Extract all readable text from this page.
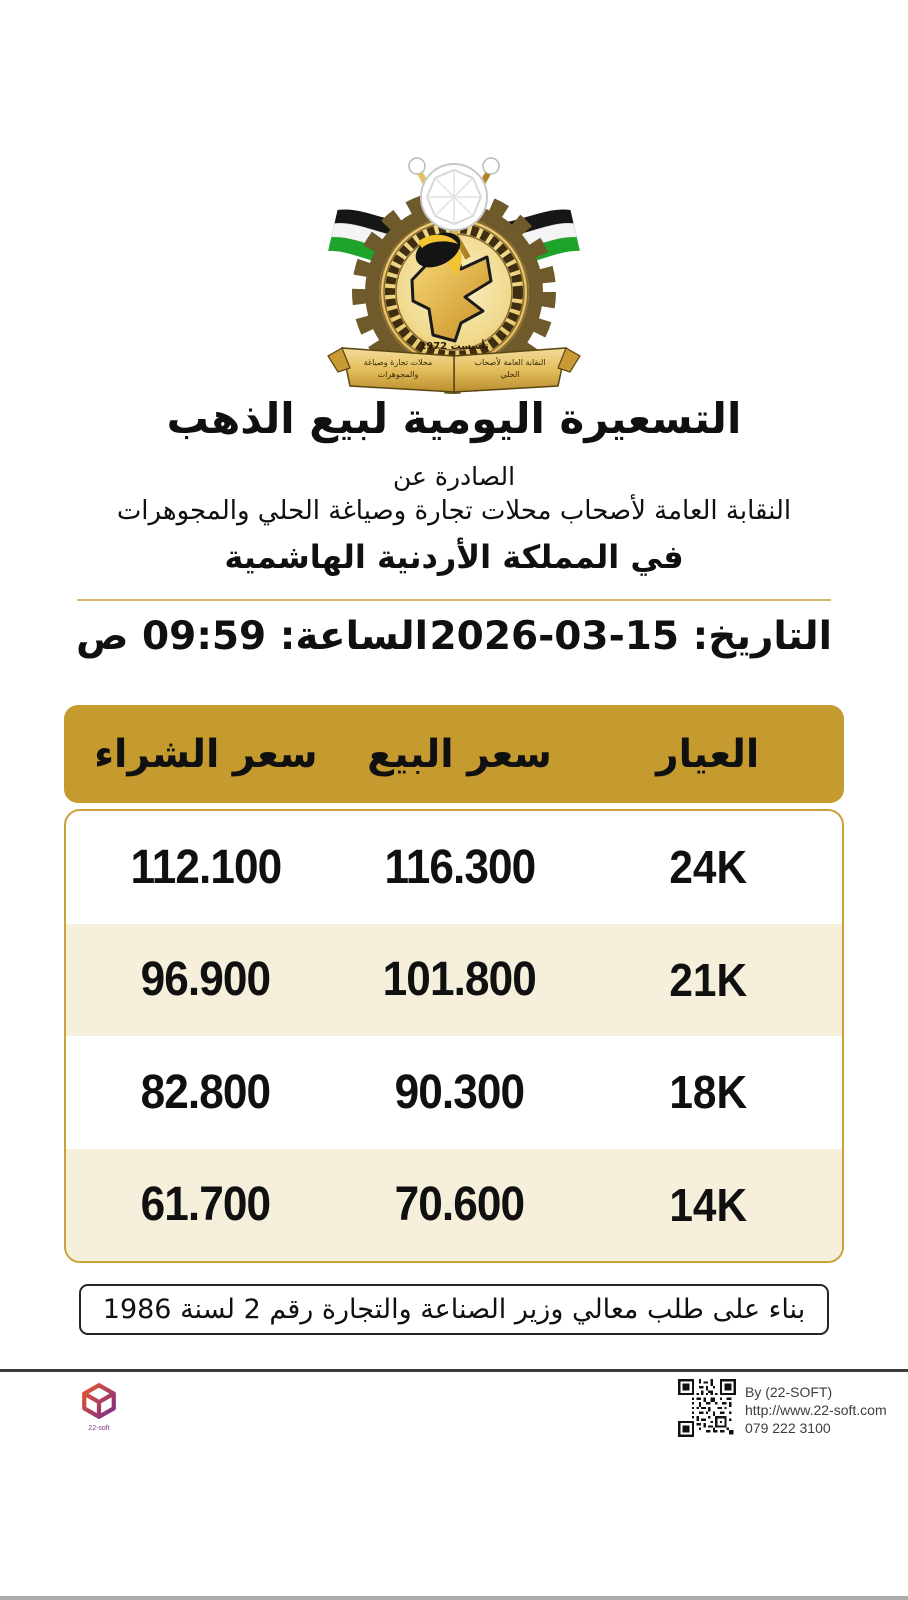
تأسست 1972
النقابة العامة لأصحاب
الحلي
محلات تجارة وصياغة
والمجوهرات
التسعيرة اليومية لبيع الذهب
الصادرة عن
النقابة العامة لأصحاب محلات تجارة وصياغة الحلي والمجوهرات
في المملكة الأردنية الهاشمية
التاريخ: 15-03-2026
الساعة: 09:59 ص
العيار
سعر البيع
سعر الشراء
24K
116.300
112.100
21K
101.800
96.900
18K
90.300
82.800
14K
70.600
61.700
بناء على طلب معالي وزير الصناعة والتجارة رقم 2 لسنة 1986
22-soft
By (22-SOFT)
http://www.22-soft.com
079 222 3100
